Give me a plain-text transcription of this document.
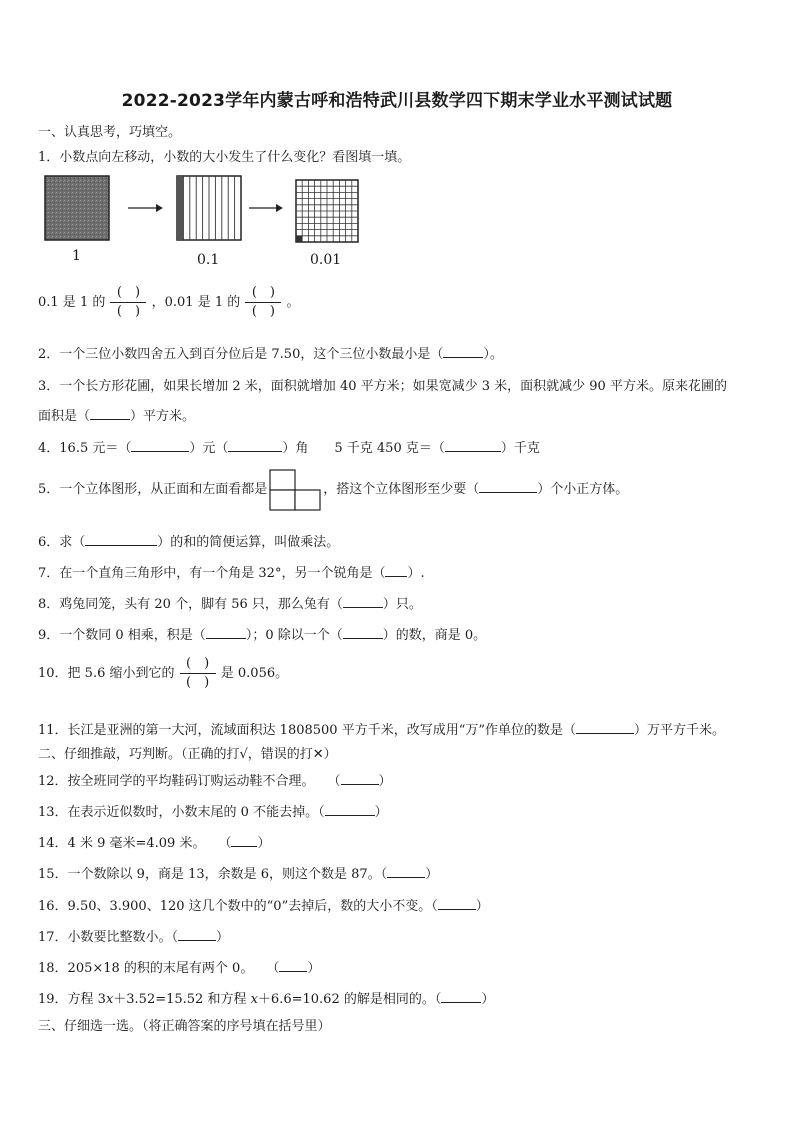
2022-2023学年内蒙古呼和浩特武川县数学四下期末学业水平测试试题
一、认真思考，巧填空。
1．小数点向左移动，小数的大小发生了什么变化？看图填一填。
1	0.1	0.01
0.1 是 1 的 $\frac{( )}{( )}$ ，0.01 是 1 的 $\frac{( )}{( )}$ 。
2．一个三位小数四舍五入到百分位后是 7.50，这个三位小数最小是（	）。
3．一个长方形花圃，如果长增加 2 米，面积就增加 40 平方米；如果宽减少 3 米，面积就减少 90 平方米。原来花圃的
面积是（	）平方米。
4．16.5 元＝（	）元（	）角　　5 千克 450 克＝（	）千克
5．一个立体图形，从正面和左面看都是	，搭这个立体图形至少要（	）个小正方体。
6．求（	）的和的简便运算，叫做乘法。
7．在一个直角三角形中，有一个角是 32°，另一个锐角是（ ）.
8．鸡兔同笼，头有 20 个，脚有 56 只，那么兔有（	）只。
9．一个数同 0 相乘，积是（	）；0 除以一个（	）的数，商是 0。
10．把 5.6 缩小到它的 $\frac{( )}{( )}$ 是 0.056。
11．长江是亚洲的第一大河，流域面积达 1808500 平方千米，改写成用“万”作单位的数是（	）万平方千米。
二、仔细推敲，巧判断。（正确的打√，错误的打✕）
12．按全班同学的平均鞋码订购运动鞋不合理。　　（	）
13．在表示近似数时，小数末尾的 0 不能去掉。（	）
14．4 米 9 毫米=4.09 米。　　（ ）
15．一个数除以 9，商是 13，余数是 6，则这个数是 87。（	）
16．9.50、3.900、120 这几个数中的“0”去掉后，数的大小不变。（	）
17．小数要比整数小。（	）
18．205×18 的积的末尾有两个 0。　　（ ）
19．方程 3𝑥＋3.52=15.52 和方程 𝑥＋6.6=10.62 的解是相同的。（	）
三、仔细选一选。（将正确答案的序号填在括号里）
